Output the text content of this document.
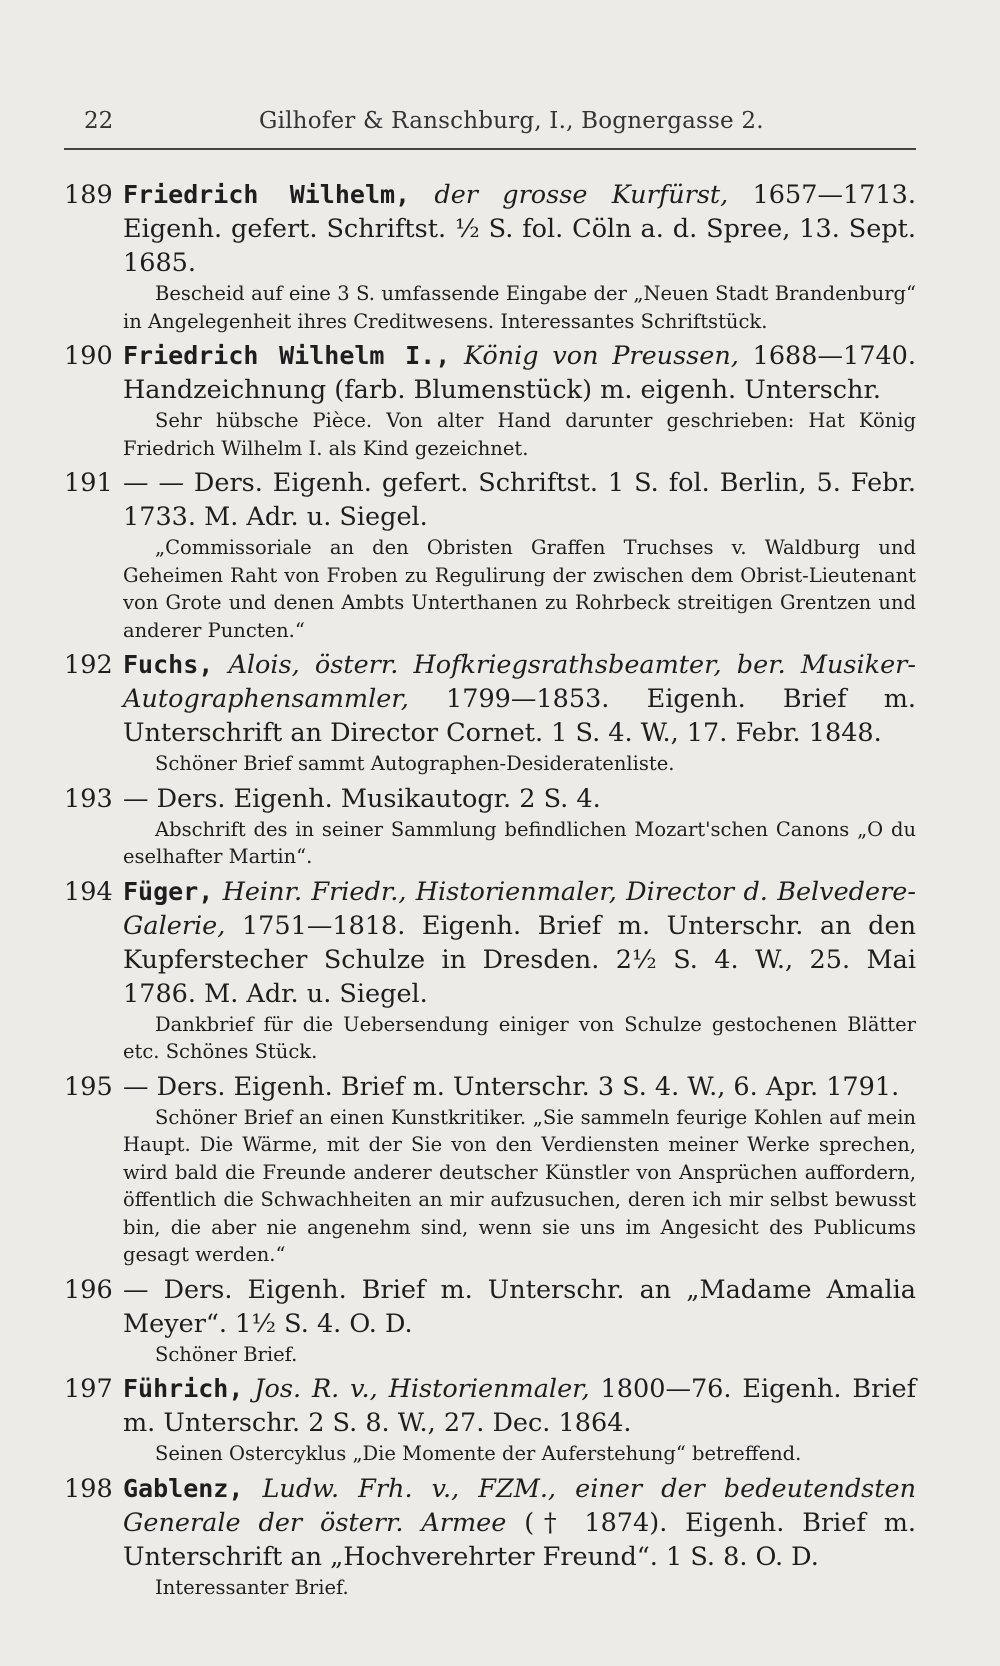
22	Gilhofer & Ranschburg, I., Bognergasse 2.

189 Friedrich Wilhelm, der grosse Kurfürst, 1657—1713. Eigenh. gefert. Schriftst. ½ S. fol. Cöln a. d. Spree, 13. Sept. 1685.

Bescheid auf eine 3 S. umfassende Eingabe der „Neuen Stadt Brandenburg“ in Angelegenheit ihres Creditwesens. Interessantes Schriftstück.

190 Friedrich Wilhelm I., König von Preussen, 1688—1740. Handzeichnung (farb. Blumenstück) m. eigenh. Unterschr.

Sehr hübsche Pièce. Von alter Hand darunter geschrieben: Hat König Friedrich Wilhelm I. als Kind gezeichnet.

191 — — Ders. Eigenh. gefert. Schriftst. 1 S. fol. Berlin, 5. Febr. 1733. M. Adr. u. Siegel.

„Commissoriale an den Obristen Graffen Truchses v. Waldburg und Geheimen Raht von Froben zu Regulirung der zwischen dem Obrist-Lieutenant von Grote und denen Ambts Unterthanen zu Rohrbeck streitigen Grentzen und anderer Puncten.“

192 Fuchs, Alois, österr. Hofkriegsrathsbeamter, ber. Musiker-Autographensammler, 1799—1853. Eigenh. Brief m. Unterschrift an Director Cornet. 1 S. 4. W., 17. Febr. 1848.

Schöner Brief sammt Autographen-Desideratenliste.

193 — Ders. Eigenh. Musikautogr. 2 S. 4.

Abschrift des in seiner Sammlung befindlichen Mozart'schen Canons „O du eselhafter Martin“.

194 Füger, Heinr. Friedr., Historienmaler, Director d. Belvedere-Galerie, 1751—1818. Eigenh. Brief m. Unterschr. an den Kupferstecher Schulze in Dresden. 2½ S. 4. W., 25. Mai 1786. M. Adr. u. Siegel.

Dankbrief für die Uebersendung einiger von Schulze gestochenen Blätter etc. Schönes Stück.

195 — Ders. Eigenh. Brief m. Unterschr. 3 S. 4. W., 6. Apr. 1791.

Schöner Brief an einen Kunstkritiker. „Sie sammeln feurige Kohlen auf mein Haupt. Die Wärme, mit der Sie von den Verdiensten meiner Werke sprechen, wird bald die Freunde anderer deutscher Künstler von Ansprüchen auffordern, öffentlich die Schwachheiten an mir aufzusuchen, deren ich mir selbst bewusst bin, die aber nie angenehm sind, wenn sie uns im Angesicht des Publicums gesagt werden.“

196 — Ders. Eigenh. Brief m. Unterschr. an „Madame Amalia Meyer“. 1½ S. 4. O. D.

Schöner Brief.

197 Führich, Jos. R. v., Historienmaler, 1800—76. Eigenh. Brief m. Unterschr. 2 S. 8. W., 27. Dec. 1864.

Seinen Ostercyklus „Die Momente der Auferstehung“ betreffend.

198 Gablenz, Ludw. Frh. v., FZM., einer der bedeutendsten Generale der österr. Armee († 1874). Eigenh. Brief m. Unterschrift an „Hochverehrter Freund“. 1 S. 8. O. D.

Interessanter Brief.
